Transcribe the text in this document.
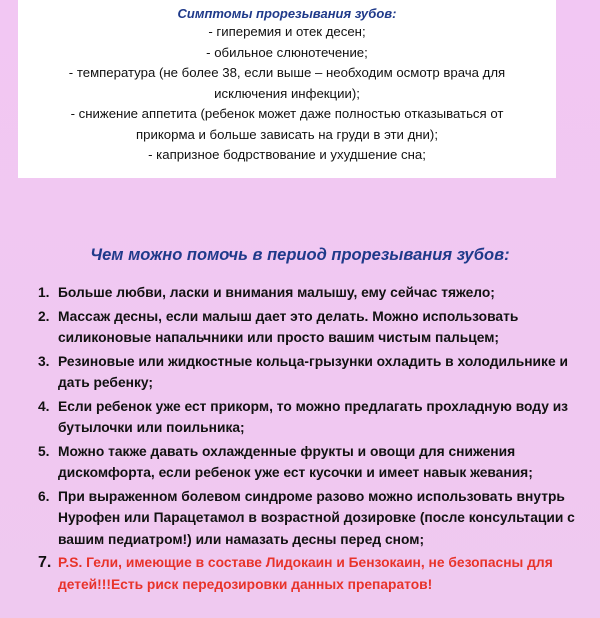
Симптомы прорезывания зубов:

- гиперемия и отек десен;

- обильное слюнотечение;

- температура (не более 38, если выше – необходим осмотр врача для

исключения инфекции);

- снижение аппетита (ребенок может даже полностью отказываться от

прикорма и больше зависать на груди в эти дни);

- капризное бодрствование и ухудшение сна;

Чем можно помочь в период прорезывания зубов:
1. Больше любви, ласки и внимания малышу, ему сейчас тяжело;
2. Массаж десны, если малыш дает это делать. Можно использовать силиконовые напальчники или просто вашим чистым пальцем;
3. Резиновые или жидкостные кольца-грызунки охладить в холодильнике и дать ребенку;
4. Если ребенок уже ест прикорм, то можно предлагать прохладную воду из бутылочки или поильника;
5. Можно также давать охлажденные фрукты и овощи для снижения дискомфорта, если ребенок уже ест кусочки и имеет навык жевания;
6. При выраженном болевом синдроме разово можно использовать внутрь Нурофен или Парацетамол в возрастной дозировке (после консультации с вашим педиатром!) или намазать десны перед сном;
7. P.S. Гели, имеющие в составе Лидокаин и Бензокаин, не безопасны для детей!!!Есть риск передозировки данных препаратов!
